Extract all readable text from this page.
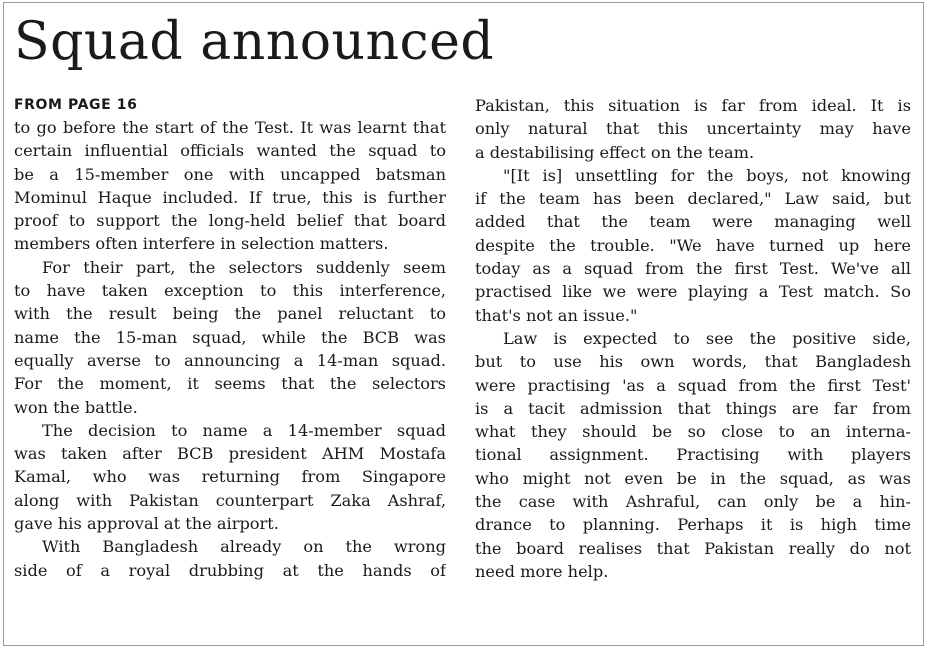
Squad announced
FROM PAGE 16
to go before the start of the Test. It was learnt that
certain influential officials wanted the squad to
be a 15-member one with uncapped batsman
Mominul Haque included. If true, this is further
proof to support the long-held belief that board
members often interfere in selection matters.
For their part, the selectors suddenly seem
to have taken exception to this interference,
with the result being the panel reluctant to
name the 15-man squad, while the BCB was
equally averse to announcing a 14-man squad.
For the moment, it seems that the selectors
won the battle.
The decision to name a 14-member squad
was taken after BCB president AHM Mostafa
Kamal, who was returning from Singapore
along with Pakistan counterpart Zaka Ashraf,
gave his approval at the airport.
With Bangladesh already on the wrong
side of a royal drubbing at the hands of
Pakistan, this situation is far from ideal. It is
only natural that this uncertainty may have
a destabilising effect on the team.
"[It is] unsettling for the boys, not knowing
if the team has been declared," Law said, but
added that the team were managing well
despite the trouble. "We have turned up here
today as a squad from the first Test. We've all
practised like we were playing a Test match. So
that's not an issue."
Law is expected to see the positive side,
but to use his own words, that Bangladesh
were practising 'as a squad from the first Test'
is a tacit admission that things are far from
what they should be so close to an interna-
tional assignment. Practising with players
who might not even be in the squad, as was
the case with Ashraful, can only be a hin-
drance to planning. Perhaps it is high time
the board realises that Pakistan really do not
need more help.
